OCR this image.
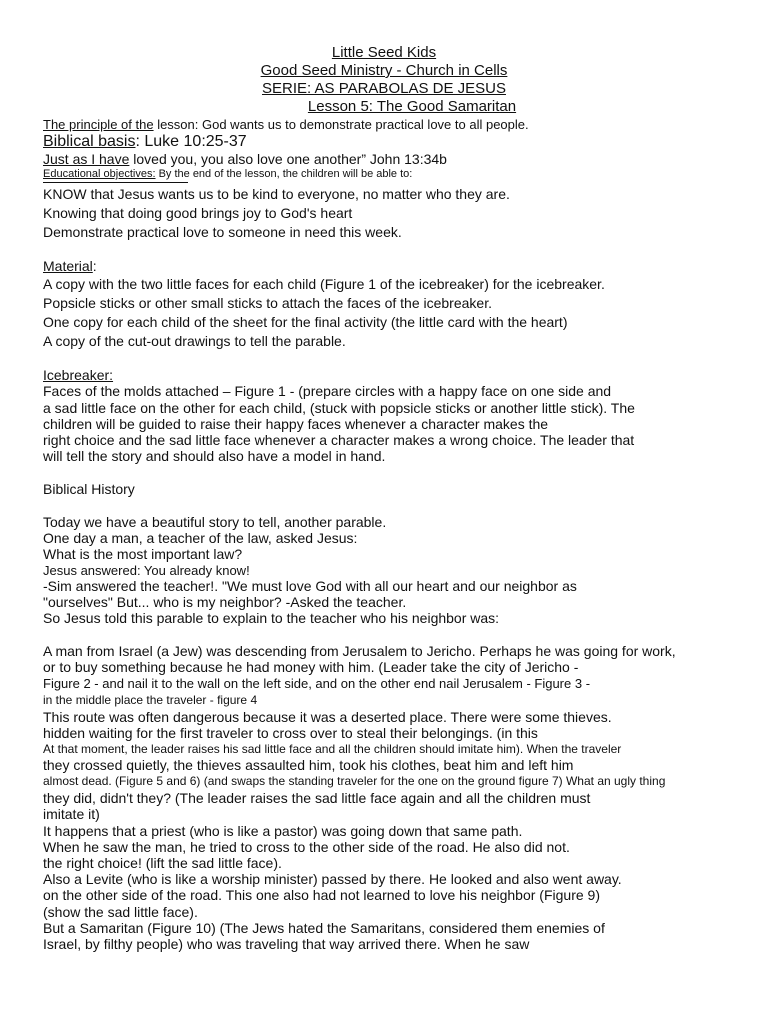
Little Seed Kids

Good Seed Ministry - Church in Cells

SERIE: AS PARABOLAS DE JESUS

Lesson 5: The Good Samaritan

The principle of the lesson: God wants us to demonstrate practical love to all people.

Biblical basis: Luke 10:25-37

Just as I have loved you, you also love one another” John 13:34b

Educational objectives: By the end of the lesson, the children will be able to:

KNOW that Jesus wants us to be kind to everyone, no matter who they are.

Knowing that doing good brings joy to God's heart

Demonstrate practical love to someone in need this week.

Material:

A copy with the two little faces for each child (Figure 1 of the icebreaker) for the icebreaker.

Popsicle sticks or other small sticks to attach the faces of the icebreaker.

One copy for each child of the sheet for the final activity (the little card with the heart)

A copy of the cut-out drawings to tell the parable.

Icebreaker:

Faces of the molds attached – Figure 1 - (prepare circles with a happy face on one side and

a sad little face on the other for each child, (stuck with popsicle sticks or another little stick). The

children will be guided to raise their happy faces whenever a character makes the

right choice and the sad little face whenever a character makes a wrong choice. The leader that

will tell the story and should also have a model in hand.

Biblical History

Today we have a beautiful story to tell, another parable.

One day a man, a teacher of the law, asked Jesus:

What is the most important law?

Jesus answered: You already know!

-Sim answered the teacher!. "We must love God with all our heart and our neighbor as

"ourselves" But... who is my neighbor? -Asked the teacher.

So Jesus told this parable to explain to the teacher who his neighbor was:

A man from Israel (a Jew) was descending from Jerusalem to Jericho. Perhaps he was going for work,

or to buy something because he had money with him. (Leader take the city of Jericho -

Figure 2 - and nail it to the wall on the left side, and on the other end nail Jerusalem - Figure 3 -

in the middle place the traveler - figure 4

This route was often dangerous because it was a deserted place. There were some thieves.

hidden waiting for the first traveler to cross over to steal their belongings. (in this

At that moment, the leader raises his sad little face and all the children should imitate him). When the traveler

they crossed quietly, the thieves assaulted him, took his clothes, beat him and left him

almost dead. (Figure 5 and 6) (and swaps the standing traveler for the one on the ground figure 7) What an ugly thing

they did, didn't they? (The leader raises the sad little face again and all the children must

imitate it)

It happens that a priest (who is like a pastor) was going down that same path.

When he saw the man, he tried to cross to the other side of the road. He also did not.

the right choice! (lift the sad little face).

Also a Levite (who is like a worship minister) passed by there. He looked and also went away.

on the other side of the road. This one also had not learned to love his neighbor (Figure 9)

(show the sad little face).

But a Samaritan (Figure 10) (The Jews hated the Samaritans, considered them enemies of

Israel, by filthy people) who was traveling that way arrived there. When he saw
